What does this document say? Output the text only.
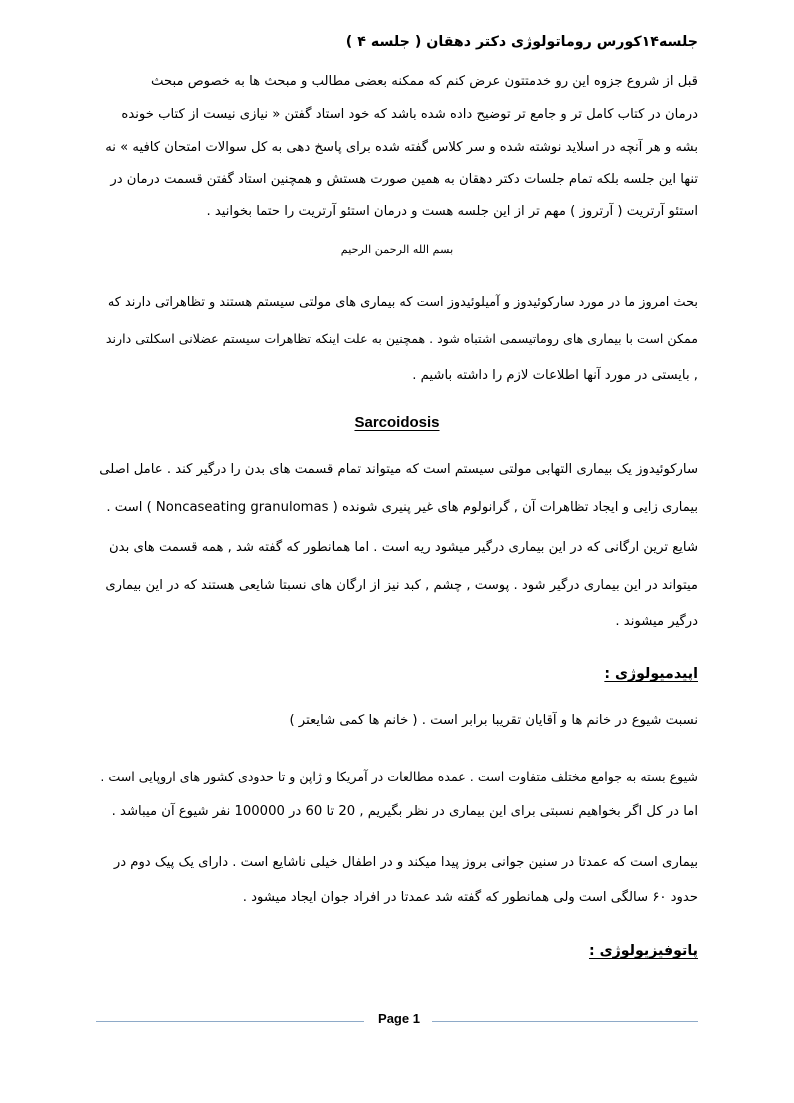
جلسه۱۴کورس روماتولوژی دکتر دهقان ( جلسه ۴ )
قبل از شروع جزوه این رو خدمتتون عرض کنم که ممکنه بعضی مطالب و مبحث ها به خصوص مبحث
درمان در کتاب کامل تر و جامع تر توضیح داده شده باشد که خود استاد گفتن « نیازی نیست از کتاب خونده
بشه و هر آنچه در اسلاید نوشته شده و سر کلاس گفته شده برای پاسخ دهی به کل سوالات امتحان کافیه » نه
تنها این جلسه بلکه تمام جلسات دکتر دهقان به همین صورت هستش و همچنین استاد گفتن قسمت درمان در
استئو آرتریت ( آرتروز ) مهم تر از این جلسه هست و درمان استئو آرتریت را حتما بخوانید .
بسم الله الرحمن الرحیم
بحث امروز ما در مورد سارکوئیدوز و آمیلوئیدوز است که بیماری های مولتی سیستم هستند و تظاهراتی دارند که
ممکن است با بیماری های روماتیسمی اشتباه شود . همچنین به علت اینکه تظاهرات سیستم عضلانی اسکلتی دارند
, بایستی در مورد آنها اطلاعات لازم را داشته باشیم .
Sarcoidosis
سارکوئیدوز یک بیماری التهابی مولتی سیستم است که میتواند تمام قسمت های بدن را درگیر کند . عامل اصلی
بیماری زایی و ایجاد تظاهرات آن , گرانولوم های غیر پنیری شونده ( Noncaseating granulomas ) است .
شایع ترین ارگانی که در این بیماری درگیر میشود ریه است . اما همانطور که گفته شد , همه قسمت های بدن
میتواند در این بیماری درگیر شود . پوست , چشم , کبد نیز از ارگان های نسبتا شایعی هستند که در این بیماری
درگیر میشوند .
اپیدمیولوژی :
نسبت شیوع در خانم ها و آقایان تقریبا برابر است . ( خانم ها کمی شایعتر )
شیوع بسته به جوامع مختلف متفاوت است . عمده مطالعات در آمریکا و ژاپن و تا حدودی کشور های اروپایی است .
اما در کل اگر بخواهیم نسبتی برای این بیماری در نظر بگیریم , 20 تا 60 در 100000 نفر شیوع آن میباشد .
بیماری است که عمدتا در سنین جوانی بروز پیدا میکند و در اطفال خیلی ناشایع است . دارای یک پیک دوم در
حدود ۶۰ سالگی است ولی همانطور که گفته شد عمدتا در افراد جوان ایجاد میشود .
پاتوفیزیولوژی :
Page 1
